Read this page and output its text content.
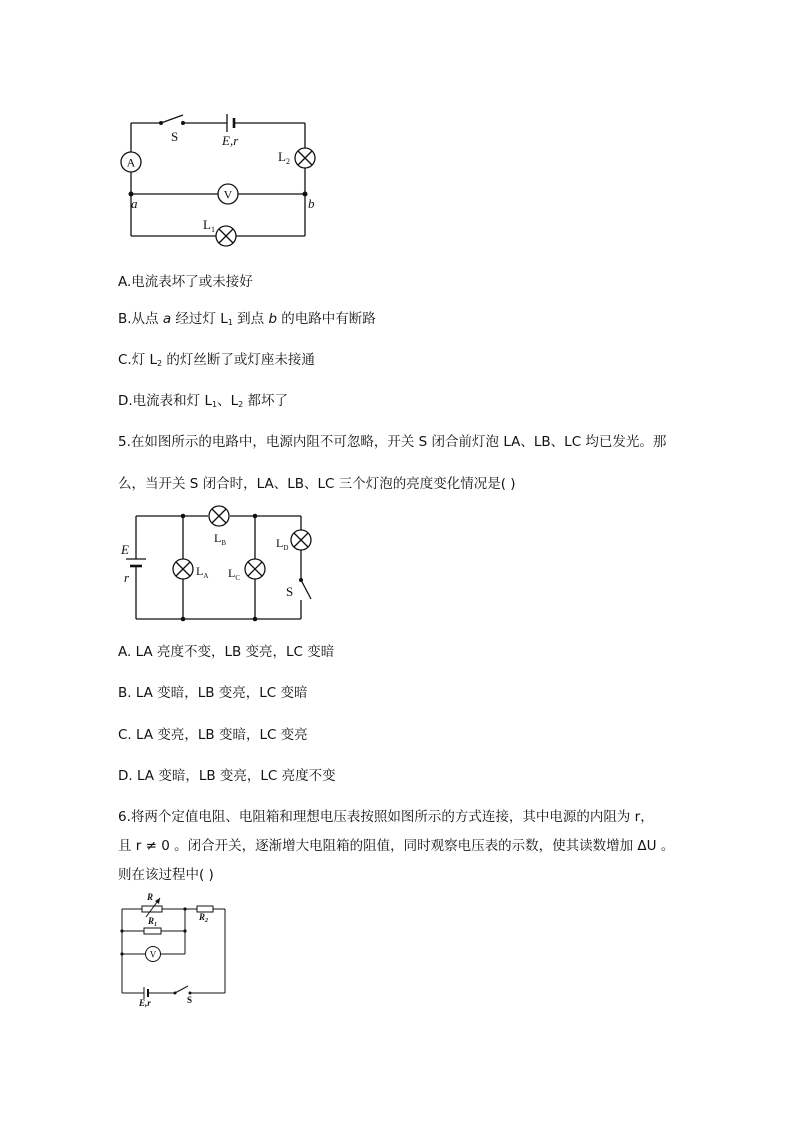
A
V
S	E,r
$L_2$
$L_1$
a	b
A.电流表坏了或未接好
B.从点 a 经过灯 $L_1$ 到点 b 的电路中有断路
C.灯 $L_2$ 的灯丝断了或灯座未接通
D.电流表和灯 $L_1$、$L_2$ 都坏了
5.在如图所示的电路中，电源内阻不可忽略，开关 S 闭合前灯泡 LA、LB、LC 均已发光。那
么，当开关 S 闭合时，LA、LB、LC 三个灯泡的亮度变化情况是( )
E
r	$L_A$
$L_B$
$L_C$
$L_D$
S
A. LA 亮度不变，LB 变亮，LC 变暗
B. LA 变暗，LB 变亮，LC 变暗
C. LA 变亮，LB 变暗，LC 变亮
D. LA 变暗，LB 变亮，LC 亮度不变
6.将两个定值电阻、电阻箱和理想电压表按照如图所示的方式连接，其中电源的内阻为 r，
且 r ≠ 0 。闭合开关，逐渐增大电阻箱的阻值，同时观察电压表的示数，使其读数增加 ΔU 。
则在该过程中( )
R
$R_1$
$R_2$
V
E,r	S
